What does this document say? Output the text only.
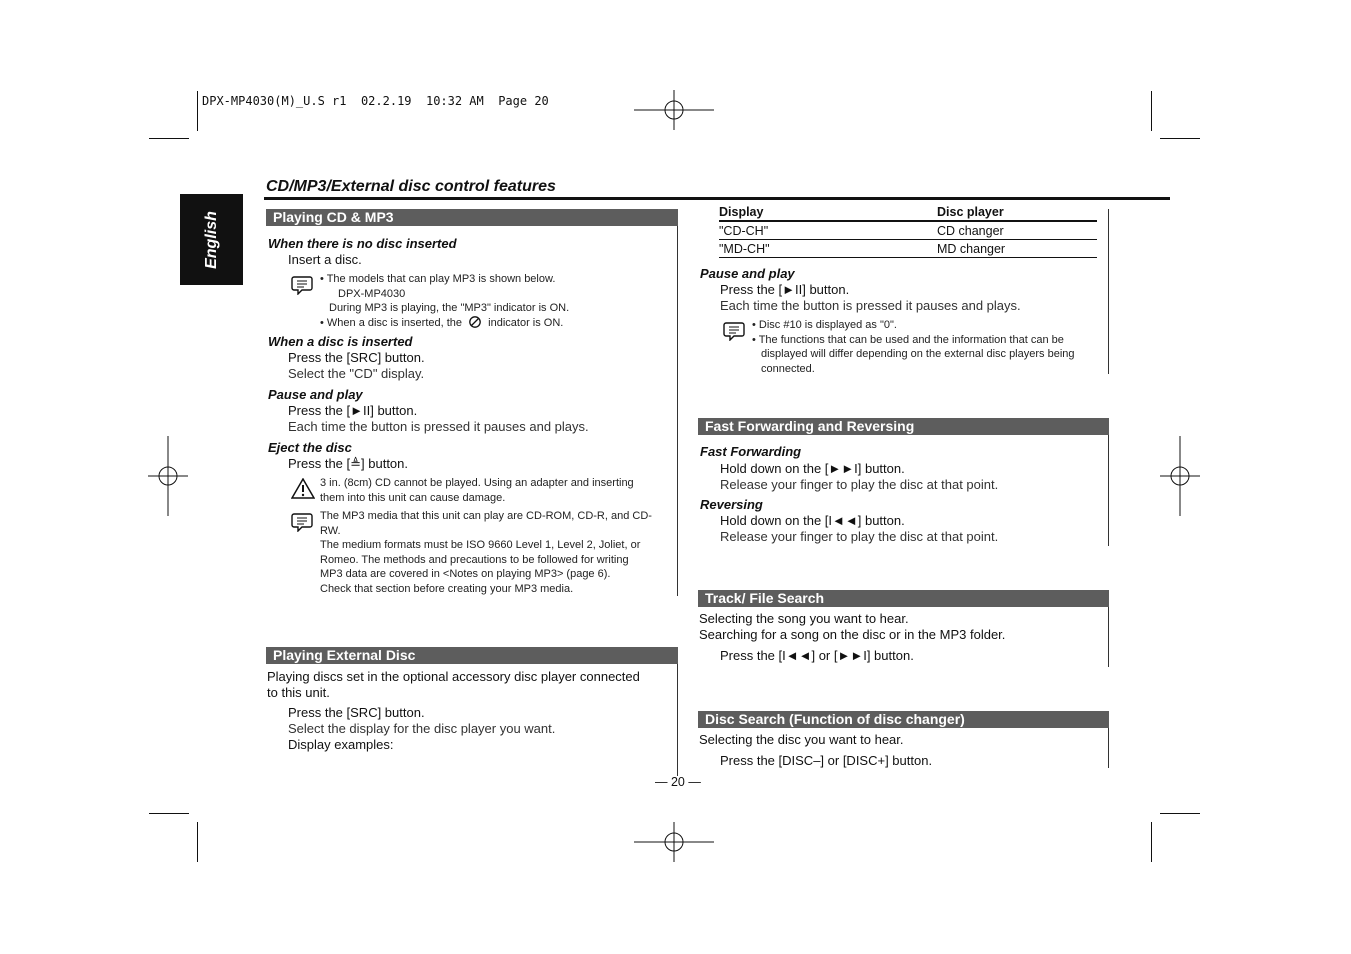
DPX-MP4030(M)_U.S r1  02.2.19  10:32 AM  Page 20
English
CD/MP3/External disc control features
Playing CD & MP3
When there is no disc inserted
Insert a disc.
• The models that can play MP3 is shown below.
DPX-MP4030
During MP3 is playing, the "MP3" indicator is ON.
• When a disc is inserted, the indicator is ON.
When a disc is inserted
Press the [SRC] button.
Select the "CD" display.
Pause and play
Press the [►II] button.
Each time the button is pressed it pauses and plays.
Eject the disc
Press the [≜] button.
3 in. (8cm) CD cannot be played. Using an adapter and inserting
them into this unit can cause damage.
The MP3 media that this unit can play are CD-ROM, CD-R, and CD-
RW.
The medium formats must be ISO 9660 Level 1, Level 2, Joliet, or
Romeo. The methods and precautions to be followed for writing
MP3 data are covered in <Notes on playing MP3> (page 6).
Check that section before creating your MP3 media.
Playing External Disc
Playing discs set in the optional accessory disc player connected
to this unit.
Press the [SRC] button.
Select the display for the disc player you want.
Display examples:
— 20 —
Display	Disc player
"CD-CH"	CD changer
"MD-CH"	MD changer
Pause and play
Press the [►II] button.
Each time the button is pressed it pauses and plays.
• Disc #10 is displayed as "0".
• The functions that can be used and the information that can be
displayed will differ depending on the external disc players being
connected.
Fast Forwarding and Reversing
Fast Forwarding
Hold down on the [►►I] button.
Release your finger to play the disc at that point.
Reversing
Hold down on the [I◄◄] button.
Release your finger to play the disc at that point.
Track/ File Search
Selecting the song you want to hear.
Searching for a song on the disc or in the MP3 folder.
Press the [I◄◄] or [►►I] button.
Disc Search (Function of disc changer)
Selecting the disc you want to hear.
Press the [DISC–] or [DISC+] button.
